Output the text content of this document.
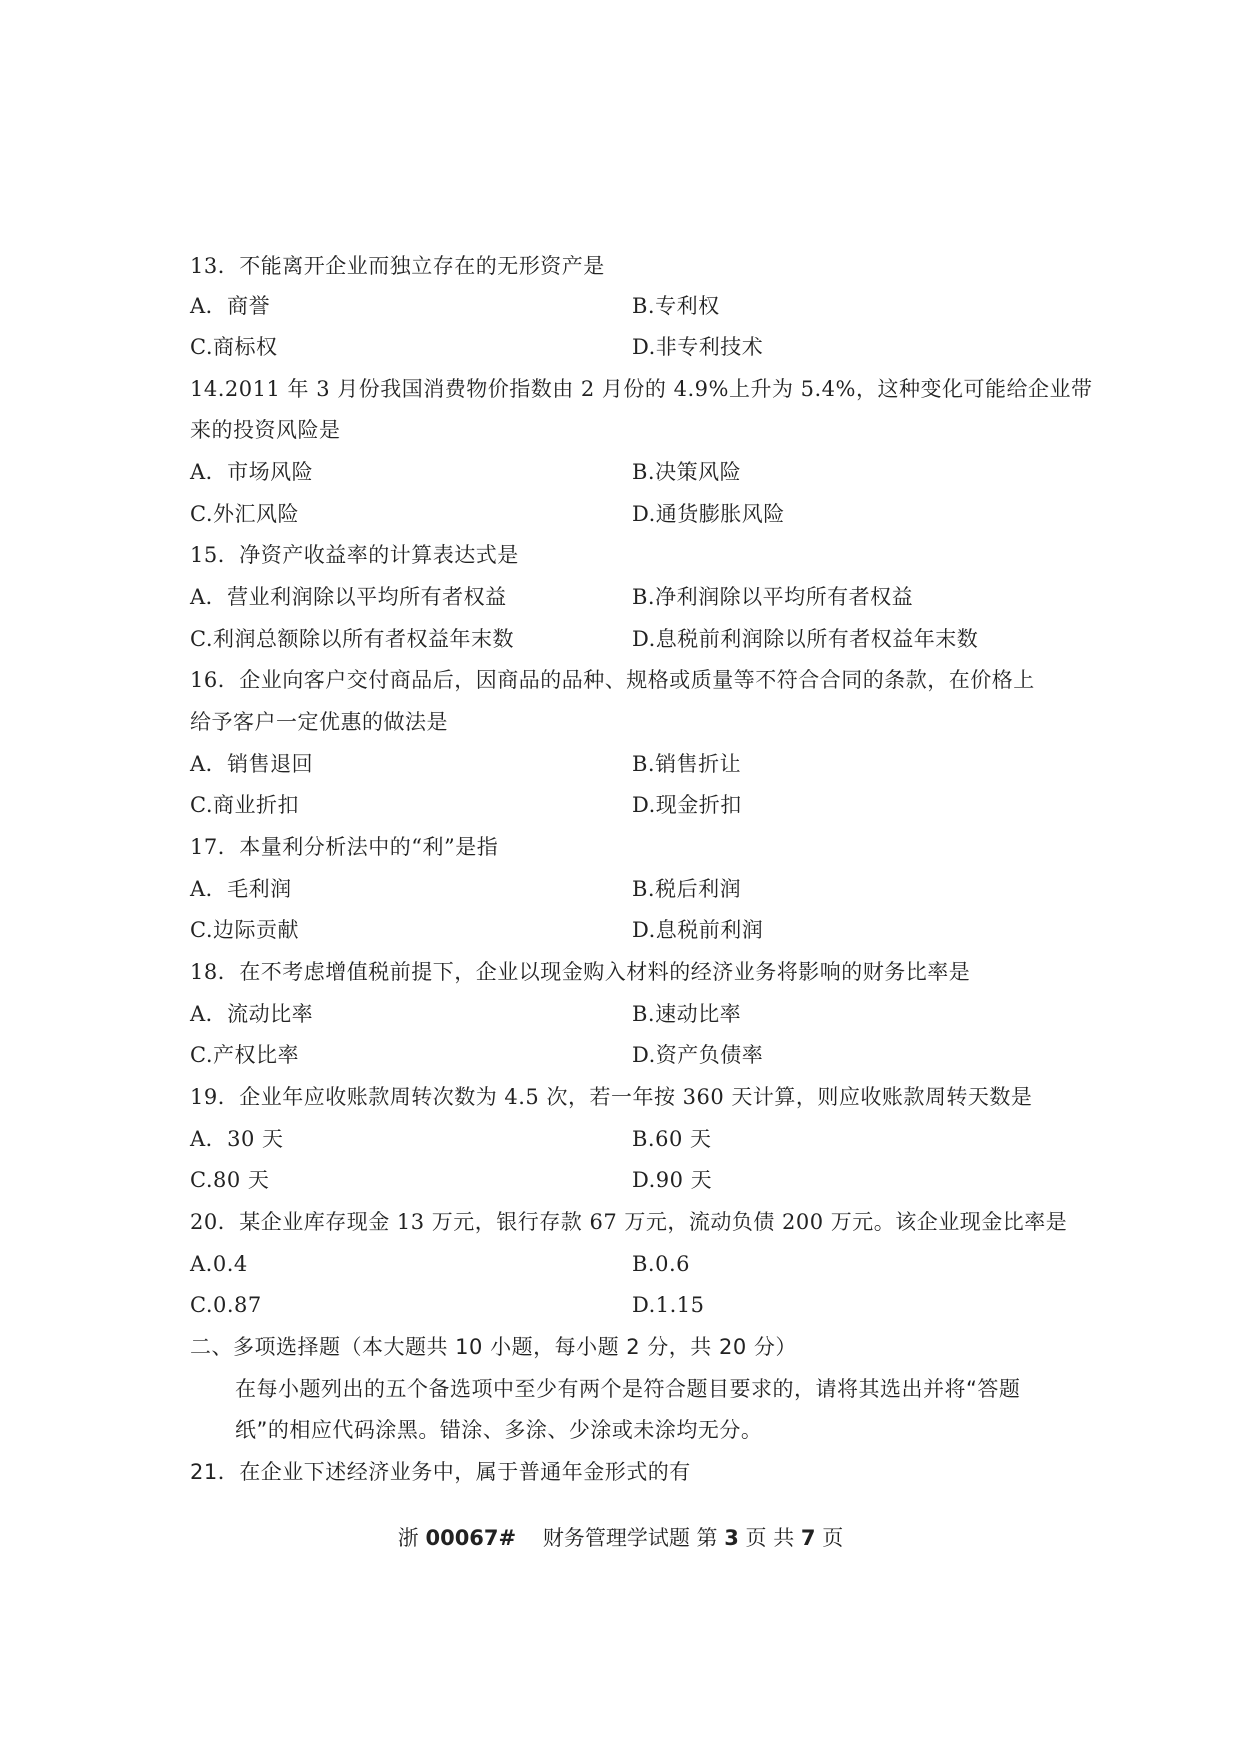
13．不能离开企业而独立存在的无形资产是
A．商誉	B.专利权
C.商标权	D.非专利技术
14.2011 年 3 月份我国消费物价指数由 2 月份的 4.9%上升为 5.4%，这种变化可能给企业带
来的投资风险是
A．市场风险	B.决策风险
C.外汇风险	D.通货膨胀风险
15．净资产收益率的计算表达式是
A．营业利润除以平均所有者权益	B.净利润除以平均所有者权益
C.利润总额除以所有者权益年末数	D.息税前利润除以所有者权益年末数
16．企业向客户交付商品后，因商品的品种、规格或质量等不符合合同的条款，在价格上
给予客户一定优惠的做法是
A．销售退回	B.销售折让
C.商业折扣	D.现金折扣
17．本量利分析法中的“利”是指
A．毛利润	B.税后利润
C.边际贡献	D.息税前利润
18．在不考虑增值税前提下，企业以现金购入材料的经济业务将影响的财务比率是
A．流动比率	B.速动比率
C.产权比率	D.资产负债率
19．企业年应收账款周转次数为 4.5 次，若一年按 360 天计算，则应收账款周转天数是
A．30 天	B.60 天
C.80 天	D.90 天
20．某企业库存现金 13 万元，银行存款 67 万元，流动负债 200 万元。该企业现金比率是
A.0.4	B.0.6
C.0.87	D.1.15
二、多项选择题（本大题共 10 小题，每小题 2 分，共 20 分）
在每小题列出的五个备选项中至少有两个是符合题目要求的，请将其选出并将“答题
纸”的相应代码涂黑。错涂、多涂、少涂或未涂均无分。
21．在企业下述经济业务中，属于普通年金形式的有
浙 00067# 财务管理学试题 第 3 页 共 7 页
